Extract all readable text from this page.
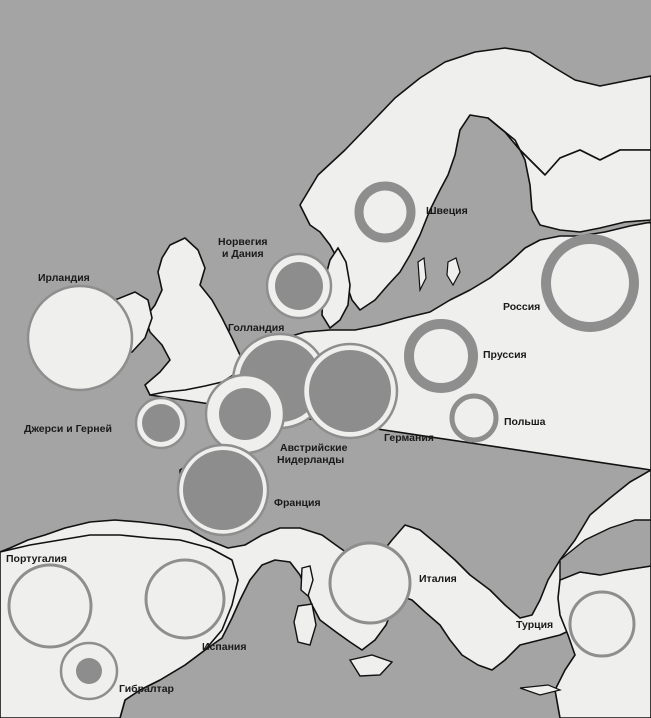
Ирландия
Норвегия
и Дания
Швеция
Россия
Голландия
Пруссия
Джерси и Герней
Польша
Австрийские
Нидерланды
Германия
Франция
Португалия
Италия
Турция
Испания
Гибралтар
